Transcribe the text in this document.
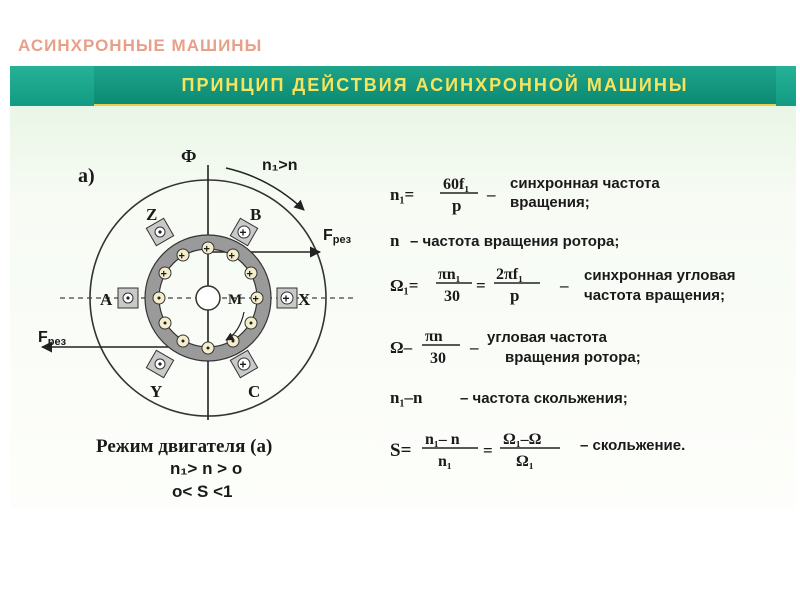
АСИНХРОННЫЕ МАШИНЫ
ПРИНЦИП ДЕЙСТВИЯ АСИНХРОННОЙ МАШИНЫ
а)
Ф	n₁>n
Fрез
Fрез
M
+
+
+
+
+
+
+
+
+
Z	B
A	X
Y	C
Режим двигателя (а)
n₁> n > o
o< S <1
n₁=
60f₁
p
–
синхронная частота
вращения;
n – частота вращения ротора;
Ω₁=
πn₁
30
=
2πf₁
p
–
синхронная угловая
частота вращения;
Ω–
πn
30
–
угловая частота
вращения ротора;
n₁–n – частота скольжения;
S=
n₁– n
n₁
=
Ω₁–Ω
Ω₁
– скольжение.
